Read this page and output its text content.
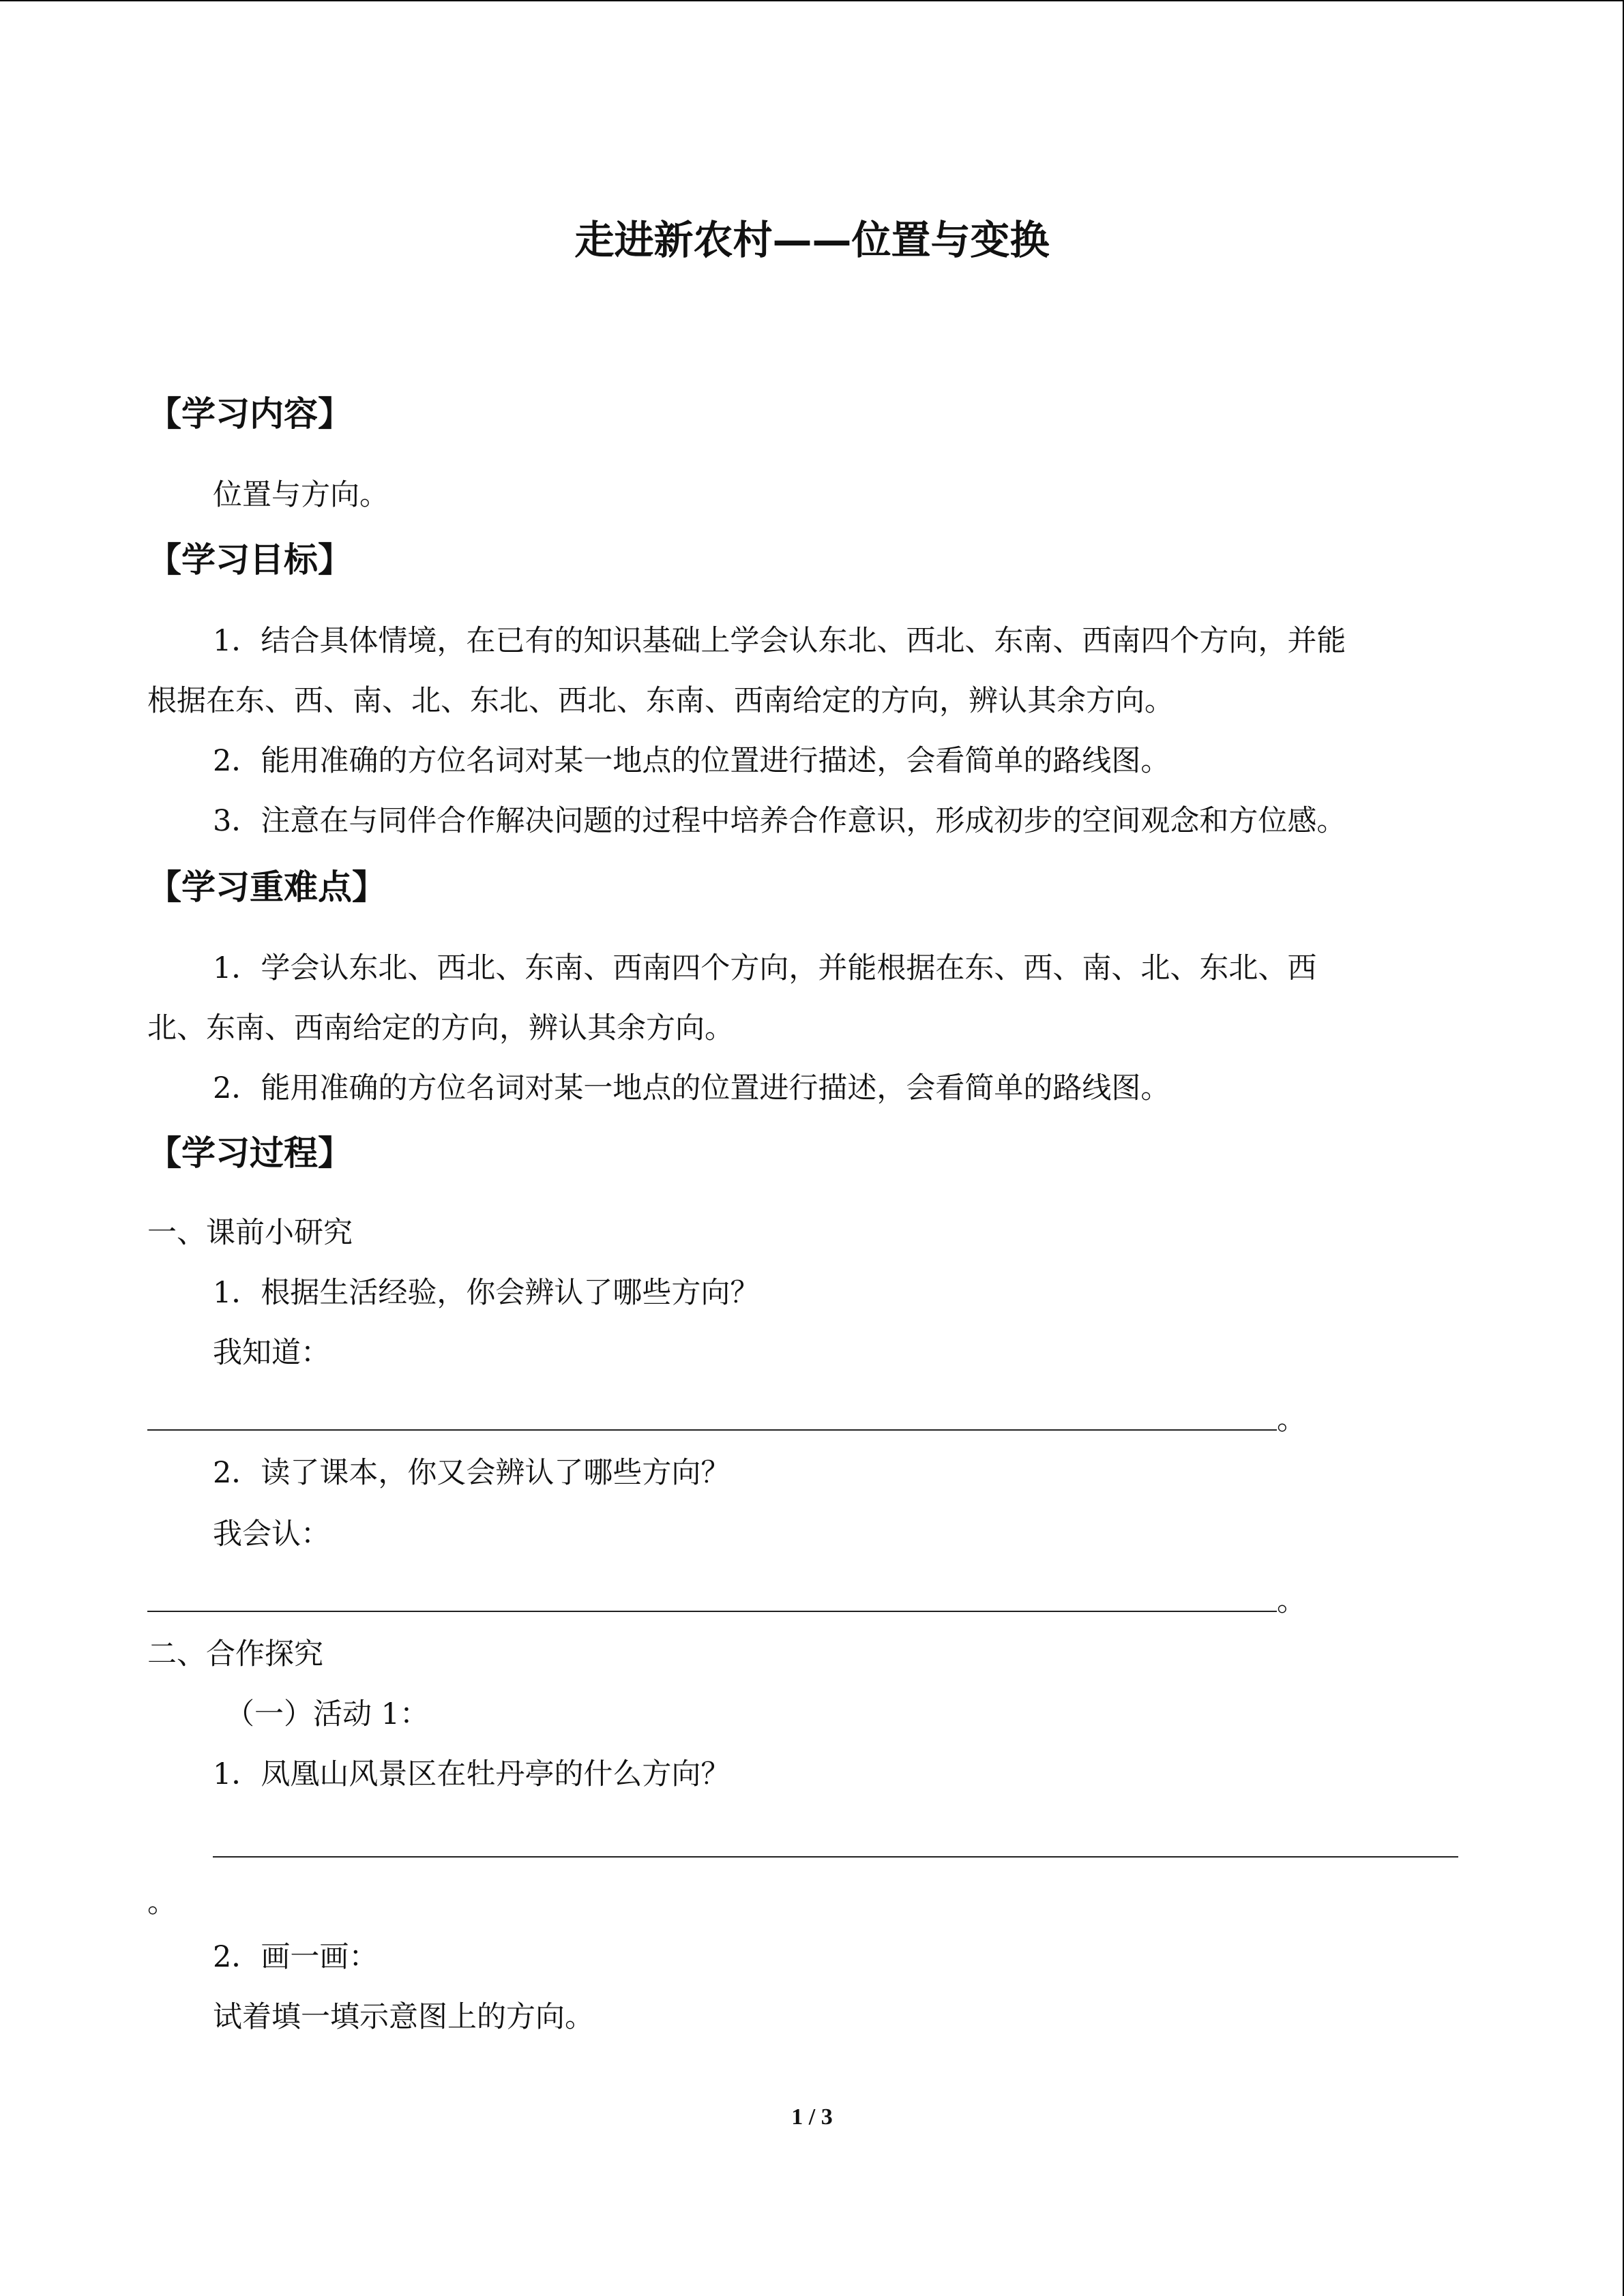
走进新农村——位置与变换
【学习内容】
位置与方向。
【学习目标】
1．结合具体情境，在已有的知识基础上学会认东北、西北、东南、西南四个方向，并能
根据在东、西、南、北、东北、西北、东南、西南给定的方向，辨认其余方向。
2．能用准确的方位名词对某一地点的位置进行描述，会看简单的路线图。
3．注意在与同伴合作解决问题的过程中培养合作意识，形成初步的空间观念和方位感。
【学习重难点】
1．学会认东北、西北、东南、西南四个方向，并能根据在东、西、南、北、东北、西
北、东南、西南给定的方向，辨认其余方向。
2．能用准确的方位名词对某一地点的位置进行描述，会看简单的路线图。
【学习过程】
一、课前小研究
1．根据生活经验，你会辨认了哪些方向？
我知道：
。
2．读了课本，你又会辨认了哪些方向？
我会认：
。
二、合作探究
（一）活动 1：
1．凤凰山风景区在牡丹亭的什么方向？
。
2．画一画：
试着填一填示意图上的方向。
1 / 3
